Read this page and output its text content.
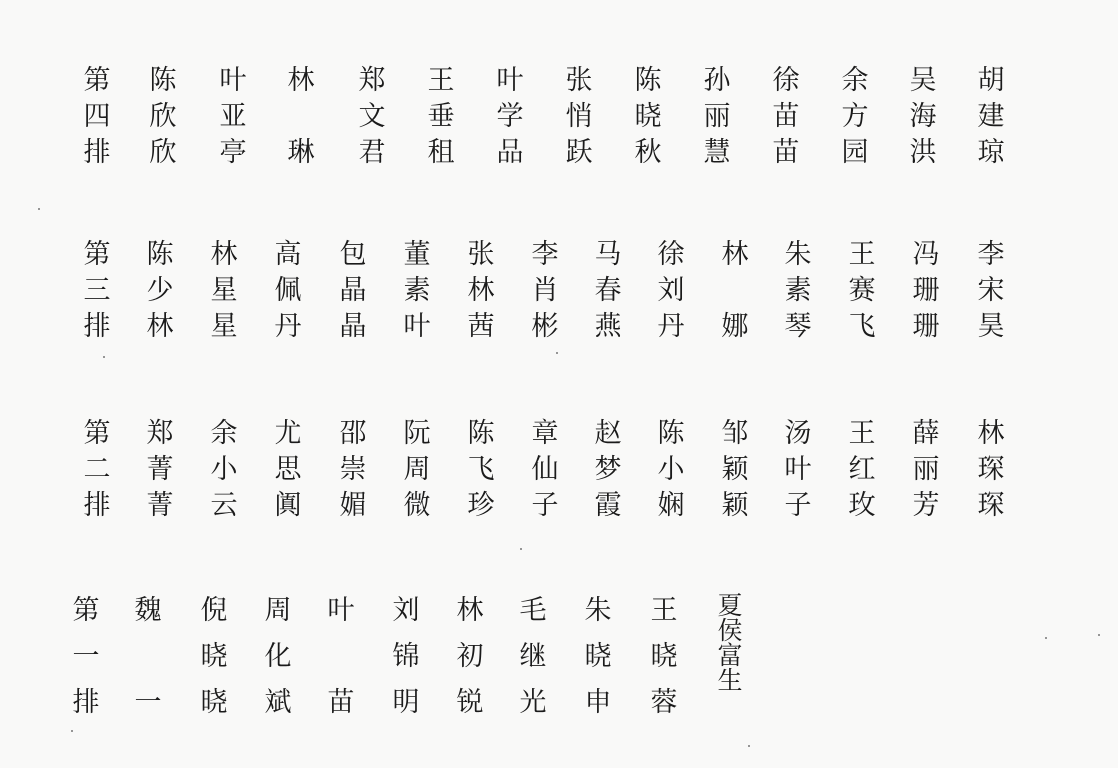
第
四
排
陈
欣
欣
叶
亚
亭
林
琳
郑
文
君
王
垂
租
叶
学
品
张
悄
跃
陈
晓
秋
孙
丽
慧
徐
苗
苗
余
方
园
吴
海
洪
胡
建
琼
第
三
排
陈
少
林
林
星
星
高
佩
丹
包
晶
晶
董
素
叶
张
林
茜
李
肖
彬
马
春
燕
徐
刘
丹
林
娜
朱
素
琴
王
赛
飞
冯
珊
珊
李
宋
昊
第
二
排
郑
菁
菁
余
小
云
尤
思
阗
邵
崇
媚
阮
周
微
陈
飞
珍
章
仙
子
赵
梦
霞
陈
小
娴
邹
颖
颖
汤
叶
子
王
红
玫
薛
丽
芳
林
琛
琛
第
一
排
魏
一
倪
晓
晓
周
化
斌
叶
苗
刘
锦
明
林
初
锐
毛
继
光
朱
晓
申
王
晓
蓉
夏
侯
富
生
